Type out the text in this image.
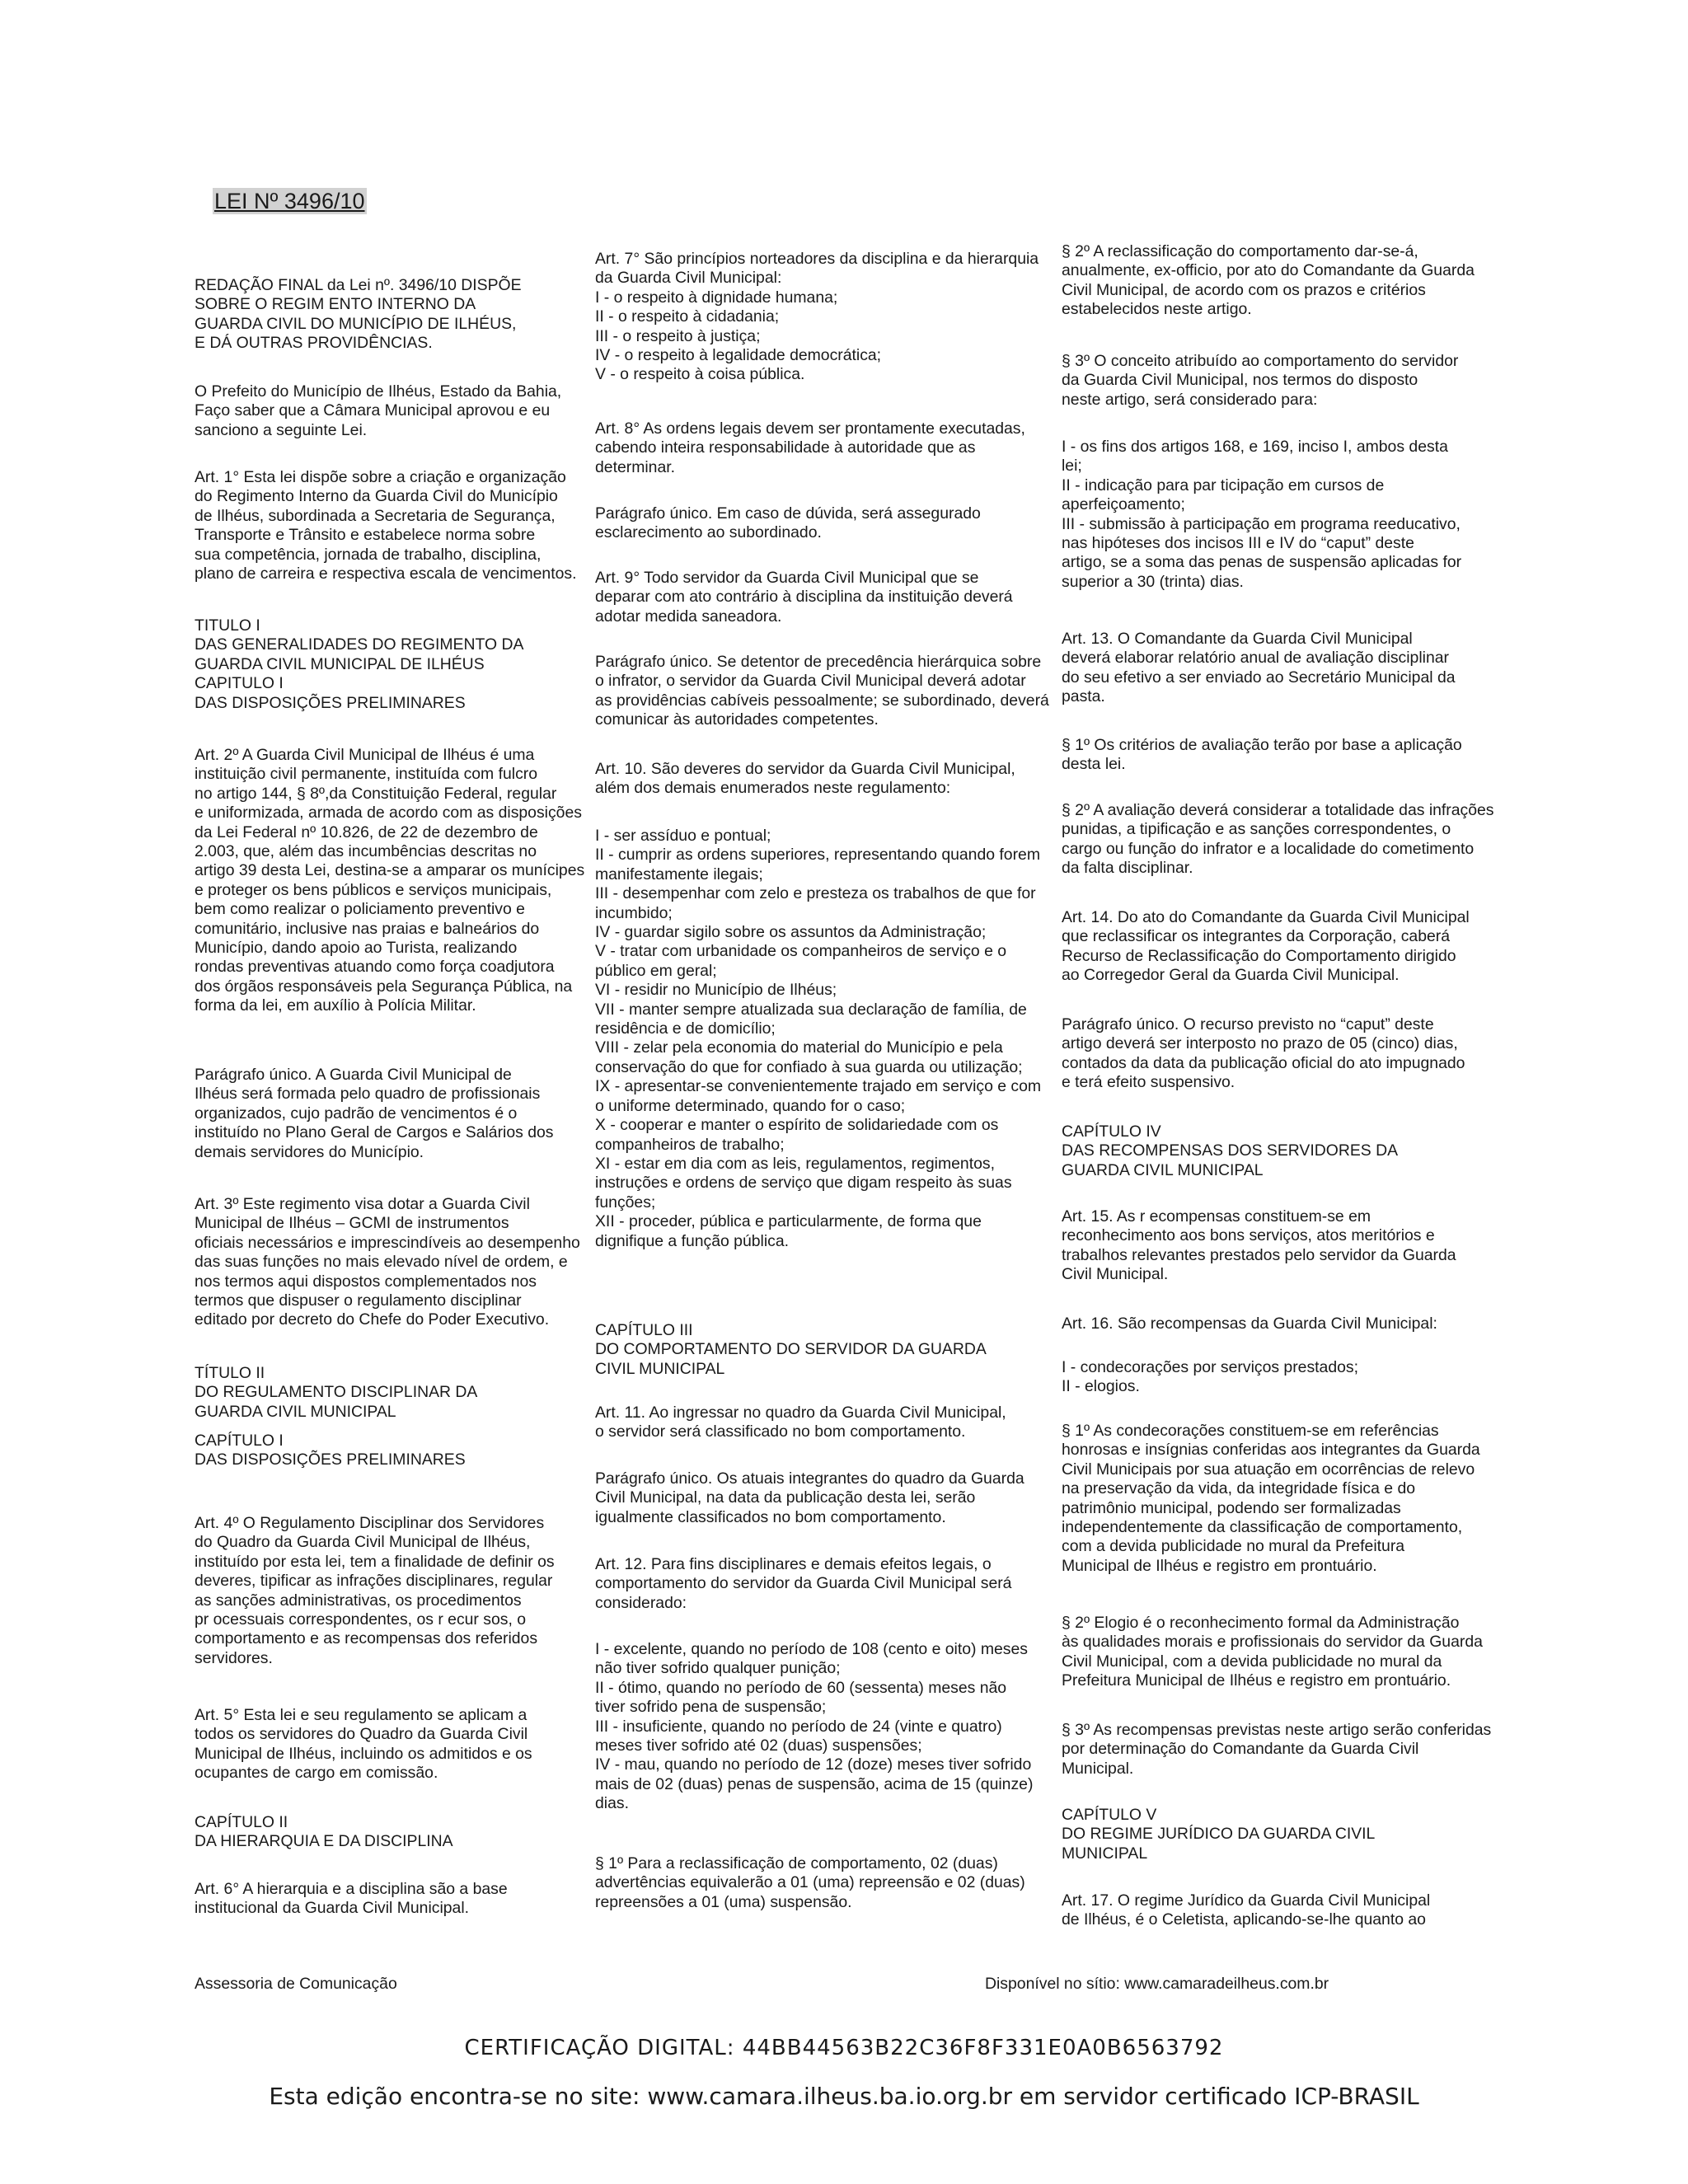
LEI Nº 3496/10
REDAÇÃO FINAL da Lei nº. 3496/10 DISPÕE
SOBRE O REGIM ENTO INTERNO DA
GUARDA CIVIL DO MUNICÍPIO DE ILHÉUS,
E DÁ OUTRAS PROVIDÊNCIAS.
O Prefeito do Município de Ilhéus, Estado da Bahia,
Faço saber que a Câmara Municipal aprovou e eu
sanciono a seguinte Lei.
Art. 1° Esta lei dispõe sobre a criação e organização
do Regimento Interno da Guarda Civil do Município
de Ilhéus, subordinada a Secretaria de Segurança,
Transporte e Trânsito e estabelece norma sobre
sua competência, jornada de trabalho, disciplina,
plano de carreira e respectiva escala de vencimentos.
TITULO I
DAS GENERALIDADES DO REGIMENTO DA
GUARDA CIVIL MUNICIPAL DE ILHÉUS
CAPITULO I
DAS DISPOSIÇÕES PRELIMINARES
Art. 2º A Guarda Civil Municipal de Ilhéus é uma
instituição civil permanente, instituída com fulcro
no artigo 144, § 8º,da Constituição Federal, regular
e uniformizada, armada de acordo com as disposições
da Lei Federal nº 10.826, de 22 de dezembro de
2.003, que, além das incumbências descritas no
artigo 39 desta Lei, destina-se a amparar os munícipes
e proteger os bens públicos e serviços municipais,
bem como realizar o policiamento preventivo e
comunitário, inclusive nas praias e balneários do
Município, dando apoio ao Turista, realizando
rondas preventivas atuando como força coadjutora
dos órgãos responsáveis pela Segurança Pública, na
forma da lei, em auxílio à Polícia Militar.
Parágrafo único. A Guarda Civil Municipal de
Ilhéus será formada pelo quadro de profissionais
organizados, cujo padrão de vencimentos é o
instituído no Plano Geral de Cargos e Salários dos
demais servidores do Município.
Art. 3º Este regimento visa dotar a Guarda Civil
Municipal de Ilhéus – GCMI de instrumentos
oficiais necessários e imprescindíveis ao desempenho
das suas funções no mais elevado nível de ordem, e
nos termos aqui dispostos complementados nos
termos que dispuser o regulamento disciplinar
editado por decreto do Chefe do Poder Executivo.
TÍTULO II
DO REGULAMENTO DISCIPLINAR DA
GUARDA CIVIL MUNICIPAL
CAPÍTULO I
DAS DISPOSIÇÕES PRELIMINARES
Art. 4º O Regulamento Disciplinar dos Servidores
do Quadro da Guarda Civil Municipal de Ilhéus,
instituído por esta lei, tem a finalidade de definir os
deveres, tipificar as infrações disciplinares, regular
as sanções administrativas, os procedimentos
pr ocessuais correspondentes, os r ecur sos, o
comportamento e as recompensas dos referidos
servidores.
Art. 5° Esta lei e seu regulamento se aplicam a
todos os servidores do Quadro da Guarda Civil
Municipal de Ilhéus, incluindo os admitidos e os
ocupantes de cargo em comissão.
CAPÍTULO II
DA HIERARQUIA E DA DISCIPLINA
Art. 6° A hierarquia e a disciplina são a base
institucional da Guarda Civil Municipal.
Art. 7° São princípios norteadores da disciplina e da hierarquia
da Guarda Civil Municipal:
I - o respeito à dignidade humana;
II - o respeito à cidadania;
III - o respeito à justiça;
IV - o respeito à legalidade democrática;
V - o respeito à coisa pública.
Art. 8° As ordens legais devem ser prontamente executadas,
cabendo inteira responsabilidade à autoridade que as
determinar.
Parágrafo único. Em caso de dúvida, será assegurado
esclarecimento ao subordinado.
Art. 9° Todo servidor da Guarda Civil Municipal que se
deparar com ato contrário à disciplina da instituição deverá
adotar medida saneadora.
Parágrafo único. Se detentor de precedência hierárquica sobre
o infrator, o servidor da Guarda Civil Municipal deverá adotar
as providências cabíveis pessoalmente; se subordinado, deverá
comunicar às autoridades competentes.
Art. 10. São deveres do servidor da Guarda Civil Municipal,
além dos demais enumerados neste regulamento:
I - ser assíduo e pontual;
II - cumprir as ordens superiores, representando quando forem
manifestamente ilegais;
III - desempenhar com zelo e presteza os trabalhos de que for
incumbido;
IV - guardar sigilo sobre os assuntos da Administração;
V - tratar com urbanidade os companheiros de serviço e o
público em geral;
VI - residir no Município de Ilhéus;
VII - manter sempre atualizada sua declaração de família, de
residência e de domicílio;
VIII - zelar pela economia do material do Município e pela
conservação do que for confiado à sua guarda ou utilização;
IX - apresentar-se convenientemente trajado em serviço e com
o uniforme determinado, quando for o caso;
X - cooperar e manter o espírito de solidariedade com os
companheiros de trabalho;
XI - estar em dia com as leis, regulamentos, regimentos,
instruções e ordens de serviço que digam respeito às suas
funções;
XII - proceder, pública e particularmente, de forma que
dignifique a função pública.
CAPÍTULO III
DO COMPORTAMENTO DO SERVIDOR DA GUARDA
CIVIL MUNICIPAL
Art. 11. Ao ingressar no quadro da Guarda Civil Municipal,
o servidor será classificado no bom comportamento.
Parágrafo único. Os atuais integrantes do quadro da Guarda
Civil Municipal, na data da publicação desta lei, serão
igualmente classificados no bom comportamento.
Art. 12. Para fins disciplinares e demais efeitos legais, o
comportamento do servidor da Guarda Civil Municipal será
considerado:
I - excelente, quando no período de 108 (cento e oito) meses
não tiver sofrido qualquer punição;
II - ótimo, quando no período de 60 (sessenta) meses não
tiver sofrido pena de suspensão;
III - insuficiente, quando no período de 24 (vinte e quatro)
meses tiver sofrido até 02 (duas) suspensões;
IV - mau, quando no período de 12 (doze) meses tiver sofrido
mais de 02 (duas) penas de suspensão, acima de 15 (quinze)
dias.
§ 1º Para a reclassificação de comportamento, 02 (duas)
advertências equivalerão a 01 (uma) repreensão e 02 (duas)
repreensões a 01 (uma) suspensão.
§ 2º A reclassificação do comportamento dar-se-á,
anualmente, ex-officio, por ato do Comandante da Guarda
Civil Municipal, de acordo com os prazos e critérios
estabelecidos neste artigo.
§ 3º O conceito atribuído ao comportamento do servidor
da Guarda Civil Municipal, nos termos do disposto
neste artigo, será considerado para:
I - os fins dos artigos 168, e 169, inciso I, ambos desta
lei;
II - indicação para par ticipação em cursos de
aperfeiçoamento;
III - submissão à participação em programa reeducativo,
nas hipóteses dos incisos III e IV do “caput” deste
artigo, se a soma das penas de suspensão aplicadas for
superior a 30 (trinta) dias.
Art. 13. O Comandante da Guarda Civil Municipal
deverá elaborar relatório anual de avaliação disciplinar
do seu efetivo a ser enviado ao Secretário Municipal da
pasta.
§ 1º Os critérios de avaliação terão por base a aplicação
desta lei.
§ 2º A avaliação deverá considerar a totalidade das infrações
punidas, a tipificação e as sanções correspondentes, o
cargo ou função do infrator e a localidade do cometimento
da falta disciplinar.
Art. 14. Do ato do Comandante da Guarda Civil Municipal
que reclassificar os integrantes da Corporação, caberá
Recurso de Reclassificação do Comportamento dirigido
ao Corregedor Geral da Guarda Civil Municipal.
Parágrafo único. O recurso previsto no “caput” deste
artigo deverá ser interposto no prazo de 05 (cinco) dias,
contados da data da publicação oficial do ato impugnado
e terá efeito suspensivo.
CAPÍTULO IV
DAS RECOMPENSAS DOS SERVIDORES DA
GUARDA CIVIL MUNICIPAL
Art. 15. As r ecompensas constituem-se em
reconhecimento aos bons serviços, atos meritórios e
trabalhos relevantes prestados pelo servidor da Guarda
Civil Municipal.
Art. 16. São recompensas da Guarda Civil Municipal:
I - condecorações por serviços prestados;
II - elogios.
§ 1º As condecorações constituem-se em referências
honrosas e insígnias conferidas aos integrantes da Guarda
Civil Municipais por sua atuação em ocorrências de relevo
na preservação da vida, da integridade física e do
patrimônio municipal, podendo ser formalizadas
independentemente da classificação de comportamento,
com a devida publicidade no mural da Prefeitura
Municipal de Ilhéus e registro em prontuário.
§ 2º Elogio é o reconhecimento formal da Administração
às qualidades morais e profissionais do servidor da Guarda
Civil Municipal, com a devida publicidade no mural da
Prefeitura Municipal de Ilhéus e registro em prontuário.
§ 3º As recompensas previstas neste artigo serão conferidas
por determinação do Comandante da Guarda Civil
Municipal.
CAPÍTULO V
DO REGIME JURÍDICO DA GUARDA CIVIL
MUNICIPAL
Art. 17. O regime Jurídico da Guarda Civil Municipal
de Ilhéus, é o Celetista, aplicando-se-lhe quanto ao
Assessoria de Comunicação	Disponível no sítio: www.camaradeilheus.com.br
CERTIFICAÇÃO DIGITAL: 44BB44563B22C36F8F331E0A0B6563792
Esta edição encontra-se no site: www.camara.ilheus.ba.io.org.br em servidor certificado ICP-BRASIL
